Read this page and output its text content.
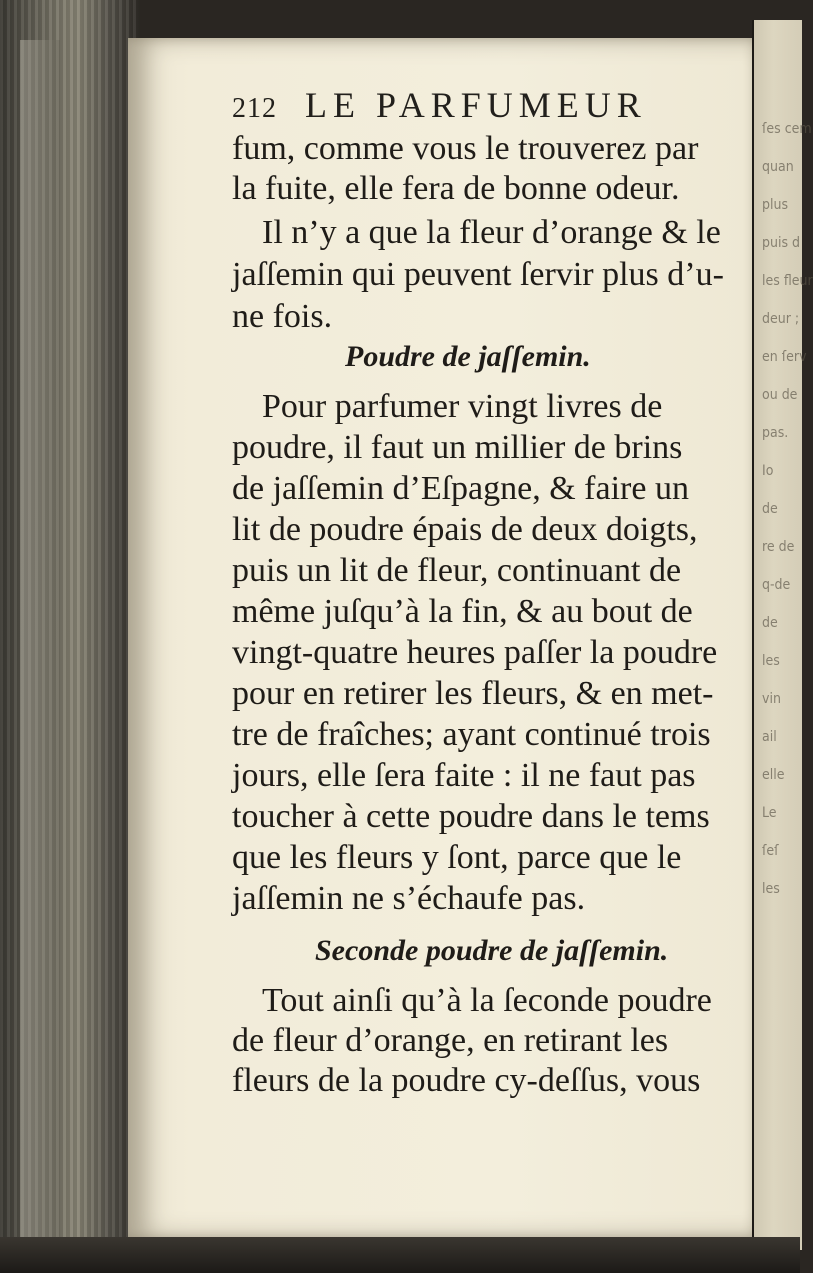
ſes cem
quan
plus
puis d
les fleur
deur ;
en ſerv
ou de
pas.
Io
de
re de
q-de
de
les
vin
ail
elle
Le
ſeſ
les
212 LE PARFUMEUR
fum, comme vous le trouverez par
la fuite, elle fera de bonne odeur.
Il n’y a que la fleur d’orange & le
jaſſemin qui peuvent ſervir plus d’u-
ne fois.
Poudre de jaſſemin.
Pour parfumer vingt livres de
poudre, il faut un millier de brins
de jaſſemin d’Eſpagne, & faire un
lit de poudre épais de deux doigts,
puis un lit de fleur, continuant de
même juſqu’à la fin, & au bout de
vingt-quatre heures paſſer la poudre
pour en retirer les fleurs, & en met-
tre de fraîches; ayant continué trois
jours, elle ſera faite : il ne faut pas
toucher à cette poudre dans le tems
que les fleurs y ſont, parce que le
jaſſemin ne s’échaufe pas.
Seconde poudre de jaſſemin.
Tout ainſi qu’à la ſeconde poudre
de fleur d’orange, en retirant les
fleurs de la poudre cy-deſſus, vous
